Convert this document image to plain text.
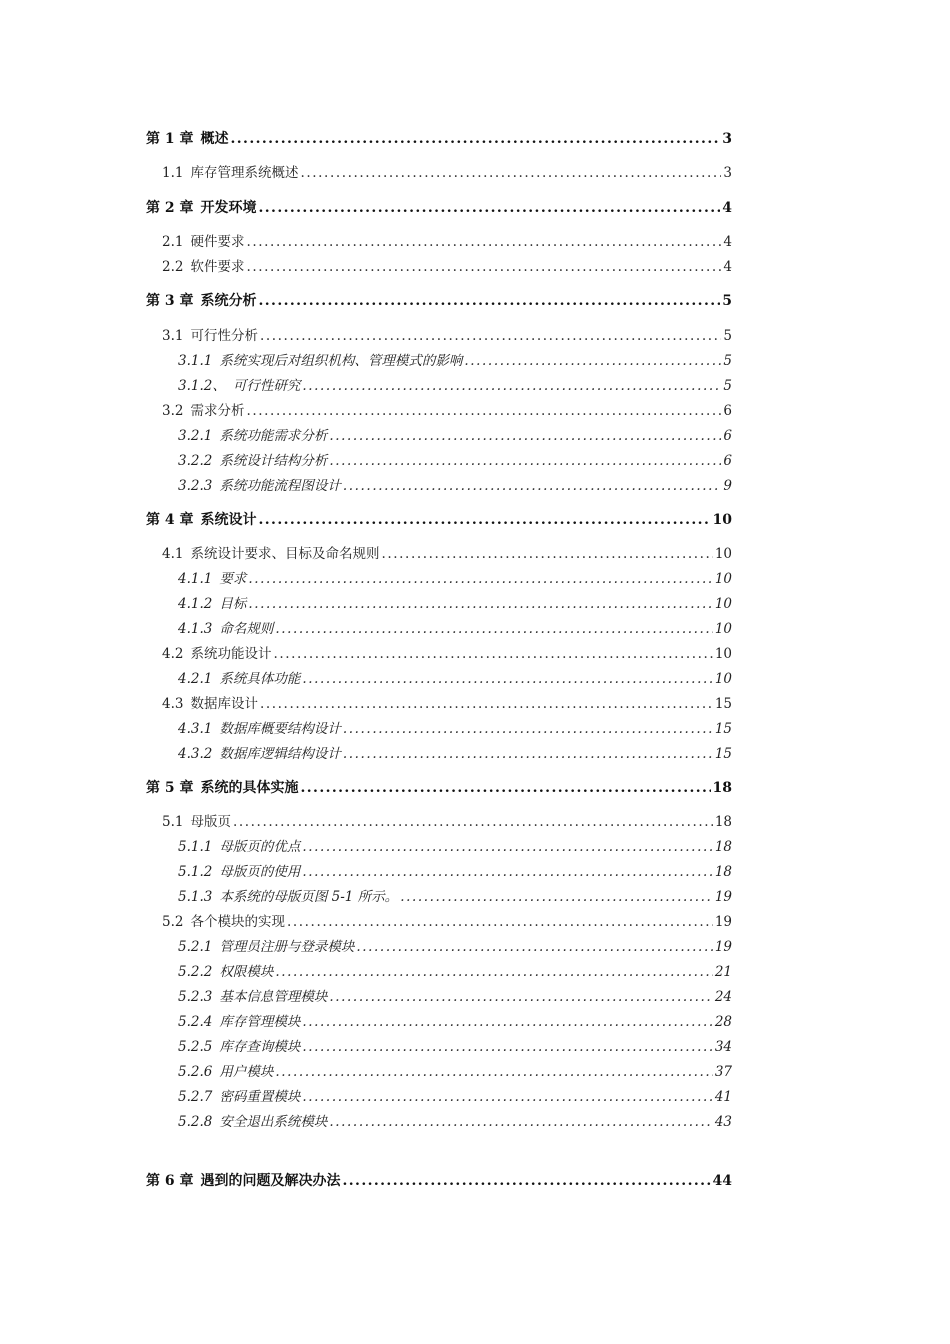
第 1 章 概述 .....	3
1.1 库存管理系统概述 .....	3
第 2 章 开发环境 .....	4
2.1 硬件要求 .....	4
2.2 软件要求 .....	4
第 3 章 系统分析 .....	5
3.1 可行性分析 .....	5
3.1.1 系统实现后对组织机构、管理模式的影响 .....	5
3.1.2、 可行性研究 .....	5
3.2 需求分析 .....	6
3.2.1 系统功能需求分析 .....	6
3.2.2 系统设计结构分析 .....	6
3.2.3 系统功能流程图设计 .....	9
第 4 章 系统设计 .....	10
4.1 系统设计要求、目标及命名规则 .....	10
4.1.1 要求 .....	10
4.1.2 目标 .....	10
4.1.3 命名规则 .....	10
4.2 系统功能设计 .....	10
4.2.1 系统具体功能 .....	10
4.3 数据库设计 .....	15
4.3.1 数据库概要结构设计 .....	15
4.3.2 数据库逻辑结构设计 .....	15
第 5 章 系统的具体实施 .....	18
5.1 母版页 .....	18
5.1.1 母版页的优点 .....	18
5.1.2 母版页的使用 .....	18
5.1.3 本系统的母版页图 5-1 所示。 .....	19
5.2 各个模块的实现 .....	19
5.2.1 管理员注册与登录模块 .....	19
5.2.2 权限模块 .....	21
5.2.3 基本信息管理模块 .....	24
5.2.4 库存管理模块 .....	28
5.2.5 库存查询模块 .....	34
5.2.6 用户模块 .....	37
5.2.7 密码重置模块 .....	41
5.2.8 安全退出系统模块 .....	43
第 6 章 遇到的问题及解决办法 .....	44
